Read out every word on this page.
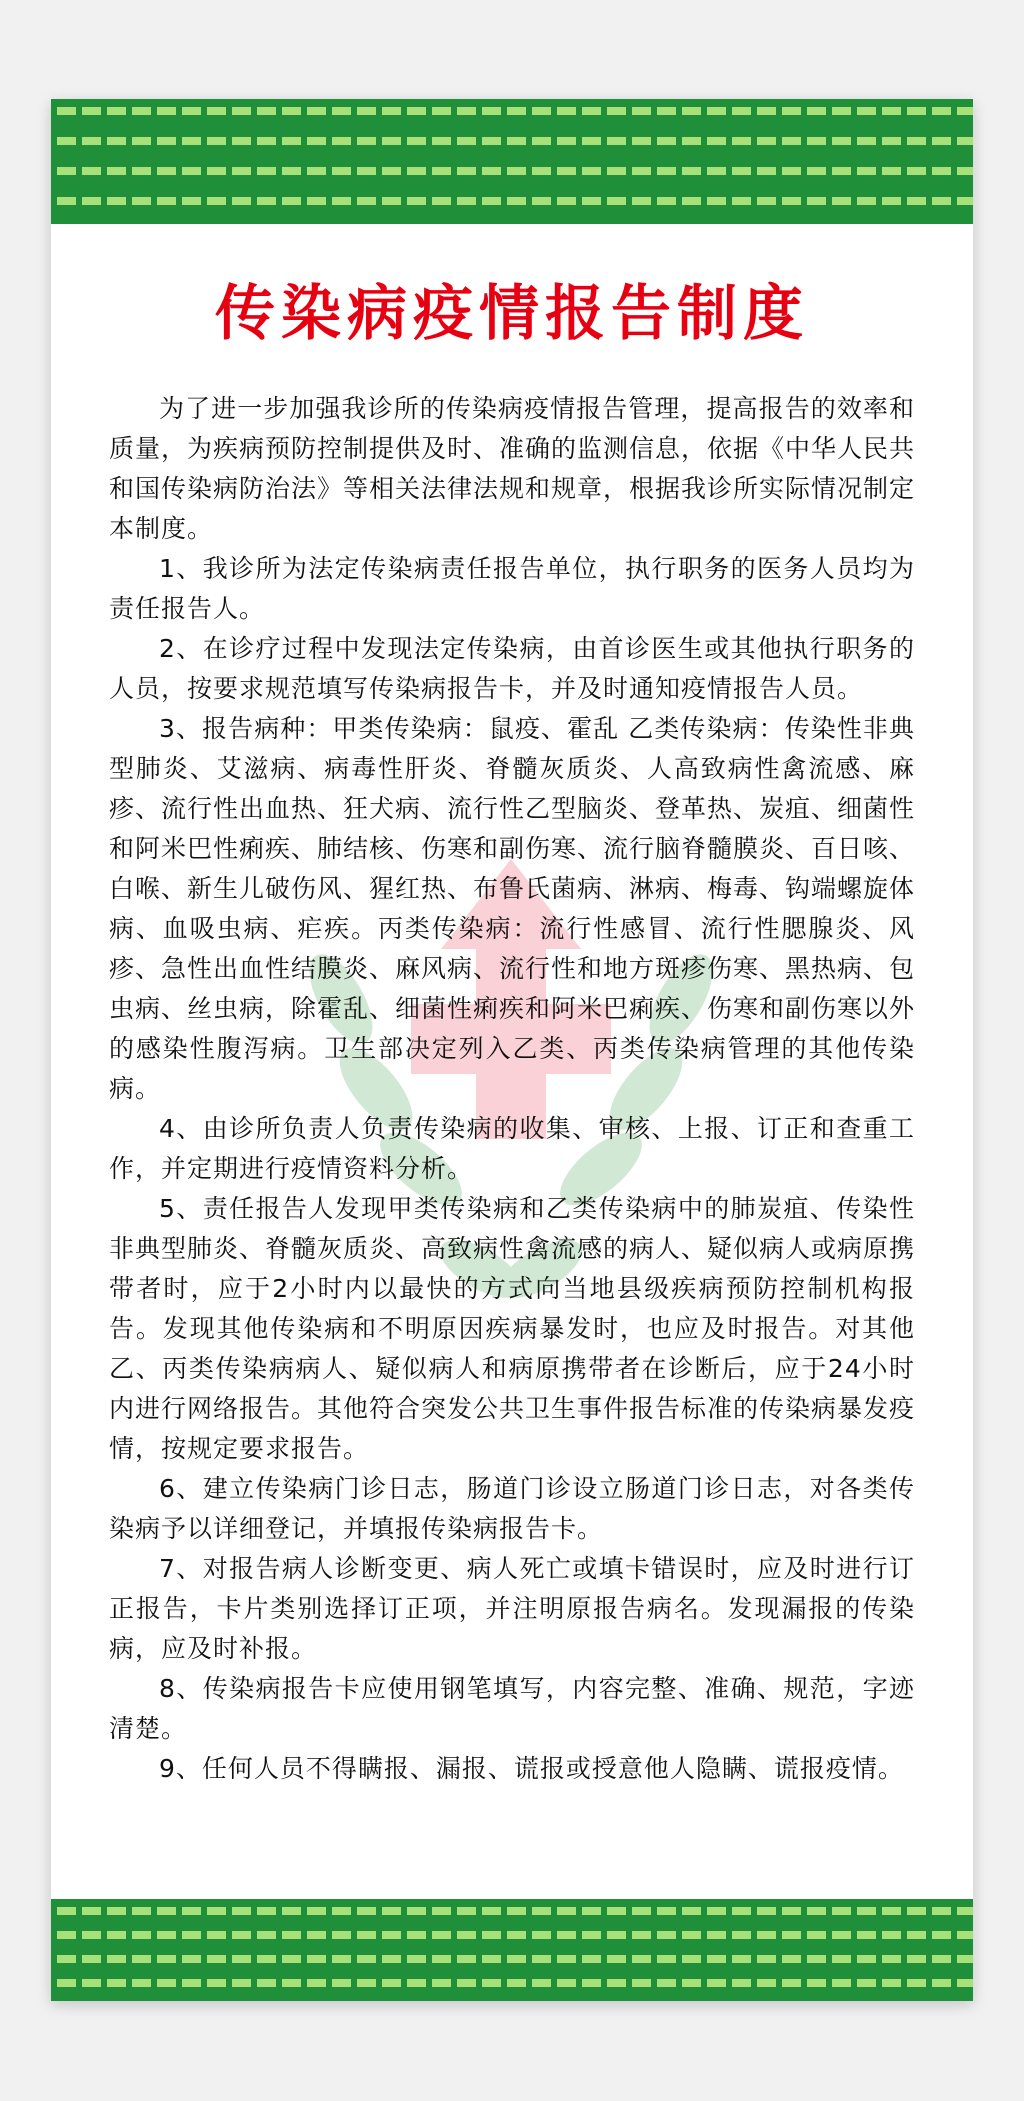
传染病疫情报告制度

为了进一步加强我诊所的传染病疫情报告管理，提高报告的效率和质量，为疾病预防控制提供及时、准确的监测信息，依据《中华人民共和国传染病防治法》等相关法律法规和规章，根据我诊所实际情况制定本制度。

1、我诊所为法定传染病责任报告单位，执行职务的医务人员均为责任报告人。

2、在诊疗过程中发现法定传染病，由首诊医生或其他执行职务的人员，按要求规范填写传染病报告卡，并及时通知疫情报告人员。

3、报告病种：甲类传染病：鼠疫、霍乱 乙类传染病：传染性非典型肺炎、艾滋病、病毒性肝炎、脊髓灰质炎、人高致病性禽流感、麻疹、流行性出血热、狂犬病、流行性乙型脑炎、登革热、炭疽、细菌性和阿米巴性痢疾、肺结核、伤寒和副伤寒、流行脑脊髓膜炎、百日咳、白喉、新生儿破伤风、猩红热、布鲁氏菌病、淋病、梅毒、钩端螺旋体病、血吸虫病、疟疾。丙类传染病：流行性感冒、流行性腮腺炎、风疹、急性出血性结膜炎、麻风病、流行性和地方斑疹伤寒、黑热病、包虫病、丝虫病，除霍乱、细菌性痢疾和阿米巴痢疾、伤寒和副伤寒以外的感染性腹泻病。卫生部决定列入乙类、丙类传染病管理的其他传染病。

4、由诊所负责人负责传染病的收集、审核、上报、订正和查重工作，并定期进行疫情资料分析。

5、责任报告人发现甲类传染病和乙类传染病中的肺炭疽、传染性非典型肺炎、脊髓灰质炎、高致病性禽流感的病人、疑似病人或病原携带者时，应于2小时内以最快的方式向当地县级疾病预防控制机构报告。发现其他传染病和不明原因疾病暴发时，也应及时报告。对其他乙、丙类传染病病人、疑似病人和病原携带者在诊断后，应于24小时内进行网络报告。其他符合突发公共卫生事件报告标准的传染病暴发疫情，按规定要求报告。

6、建立传染病门诊日志，肠道门诊设立肠道门诊日志，对各类传染病予以详细登记，并填报传染病报告卡。

7、对报告病人诊断变更、病人死亡或填卡错误时，应及时进行订正报告，卡片类别选择订正项，并注明原报告病名。发现漏报的传染病，应及时补报。

8、传染病报告卡应使用钢笔填写，内容完整、准确、规范，字迹清楚。

9、任何人员不得瞒报、漏报、谎报或授意他人隐瞒、谎报疫情。
